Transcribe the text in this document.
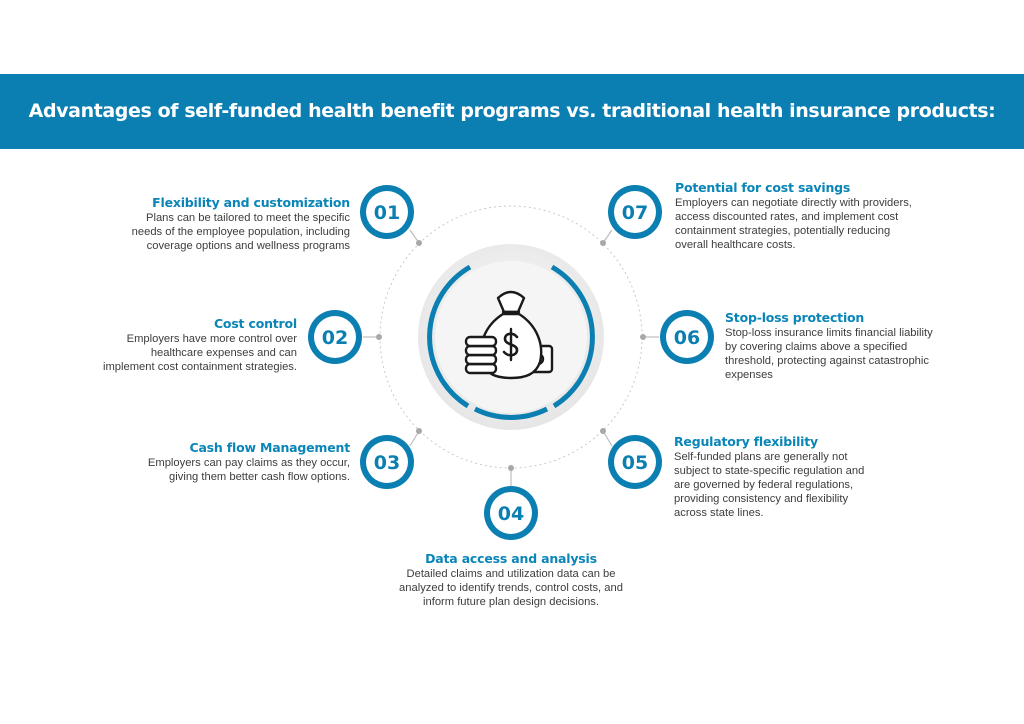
Advantages of self-funded health benefit programs vs. traditional health insurance products:
01
02
03
04
05
06
07
Flexibility and customization
Plans can be tailored to meet the specific
needs of the employee population, including
coverage options and wellness programs
Cost control
Employers have more control over
healthcare expenses and can
implement cost containment strategies.
Cash flow Management
Employers can pay claims as they occur,
giving them better cash flow options.
Data access and analysis
Detailed claims and utilization data can be
analyzed to identify trends, control costs, and
inform future plan design decisions.
Regulatory flexibility
Self-funded plans are generally not
subject to state-specific regulation and
are governed by federal regulations,
providing consistency and flexibility
across state lines.
Stop-loss protection
Stop-loss insurance limits financial liability
by covering claims above a specified
threshold, protecting against catastrophic
expenses
Potential for cost savings
Employers can negotiate directly with providers,
access discounted rates, and implement cost
containment strategies, potentially reducing
overall healthcare costs.
